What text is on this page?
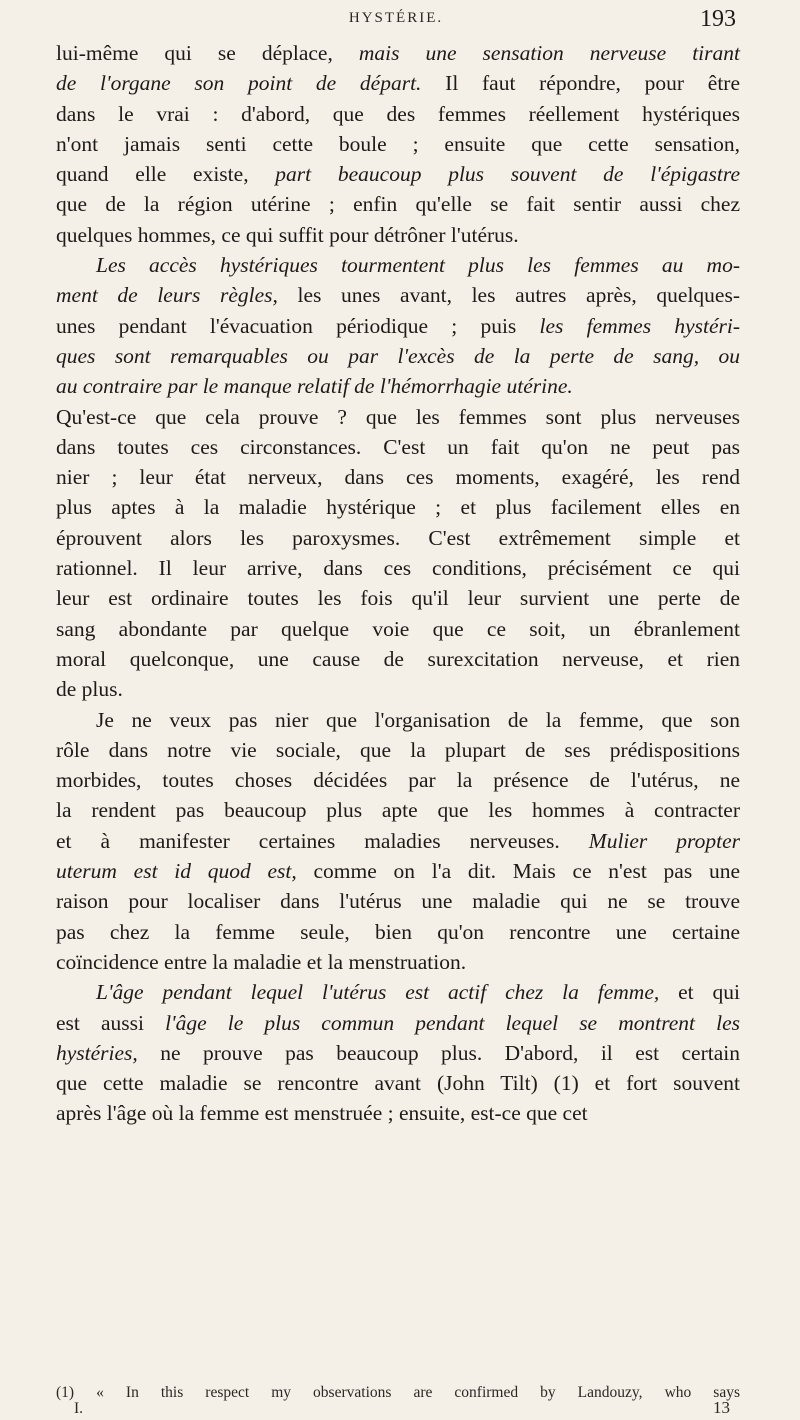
HYSTÉRIE.	193
lui-même qui se déplace, mais une sensation nerveuse tirant
de l'organe son point de départ. Il faut répondre, pour être
dans le vrai : d'abord, que des femmes réellement hystériques
n'ont jamais senti cette boule ; ensuite que cette sensation,
quand elle existe, part beaucoup plus souvent de l'épigastre
que de la région utérine ; enfin qu'elle se fait sentir aussi chez
quelques hommes, ce qui suffit pour détrôner l'utérus.
Les accès hystériques tourmentent plus les femmes au mo-
ment de leurs règles, les unes avant, les autres après, quelques-
unes pendant l'évacuation périodique ; puis les femmes hystéri-
ques sont remarquables ou par l'excès de la perte de sang, ou
au contraire par le manque relatif de l'hémorrhagie utérine.
Qu'est-ce que cela prouve ? que les femmes sont plus nerveuses
dans toutes ces circonstances. C'est un fait qu'on ne peut pas
nier ; leur état nerveux, dans ces moments, exagéré, les rend
plus aptes à la maladie hystérique ; et plus facilement elles en
éprouvent alors les paroxysmes. C'est extrêmement simple et
rationnel. Il leur arrive, dans ces conditions, précisément ce qui
leur est ordinaire toutes les fois qu'il leur survient une perte de
sang abondante par quelque voie que ce soit, un ébranlement
moral quelconque, une cause de surexcitation nerveuse, et rien
de plus.
Je ne veux pas nier que l'organisation de la femme, que son
rôle dans notre vie sociale, que la plupart de ses prédispositions
morbides, toutes choses décidées par la présence de l'utérus, ne
la rendent pas beaucoup plus apte que les hommes à contracter
et à manifester certaines maladies nerveuses. Mulier propter
uterum est id quod est, comme on l'a dit. Mais ce n'est pas une
raison pour localiser dans l'utérus une maladie qui ne se trouve
pas chez la femme seule, bien qu'on rencontre une certaine
coïncidence entre la maladie et la menstruation.
L'âge pendant lequel l'utérus est actif chez la femme, et qui
est aussi l'âge le plus commun pendant lequel se montrent les
hystéries, ne prouve pas beaucoup plus. D'abord, il est certain
que cette maladie se rencontre avant (John Tilt) (1) et fort souvent
après l'âge où la femme est menstruée ; ensuite, est-ce que cet
(1) « In this respect my observations are confirmed by Landouzy, who says
I.	13
